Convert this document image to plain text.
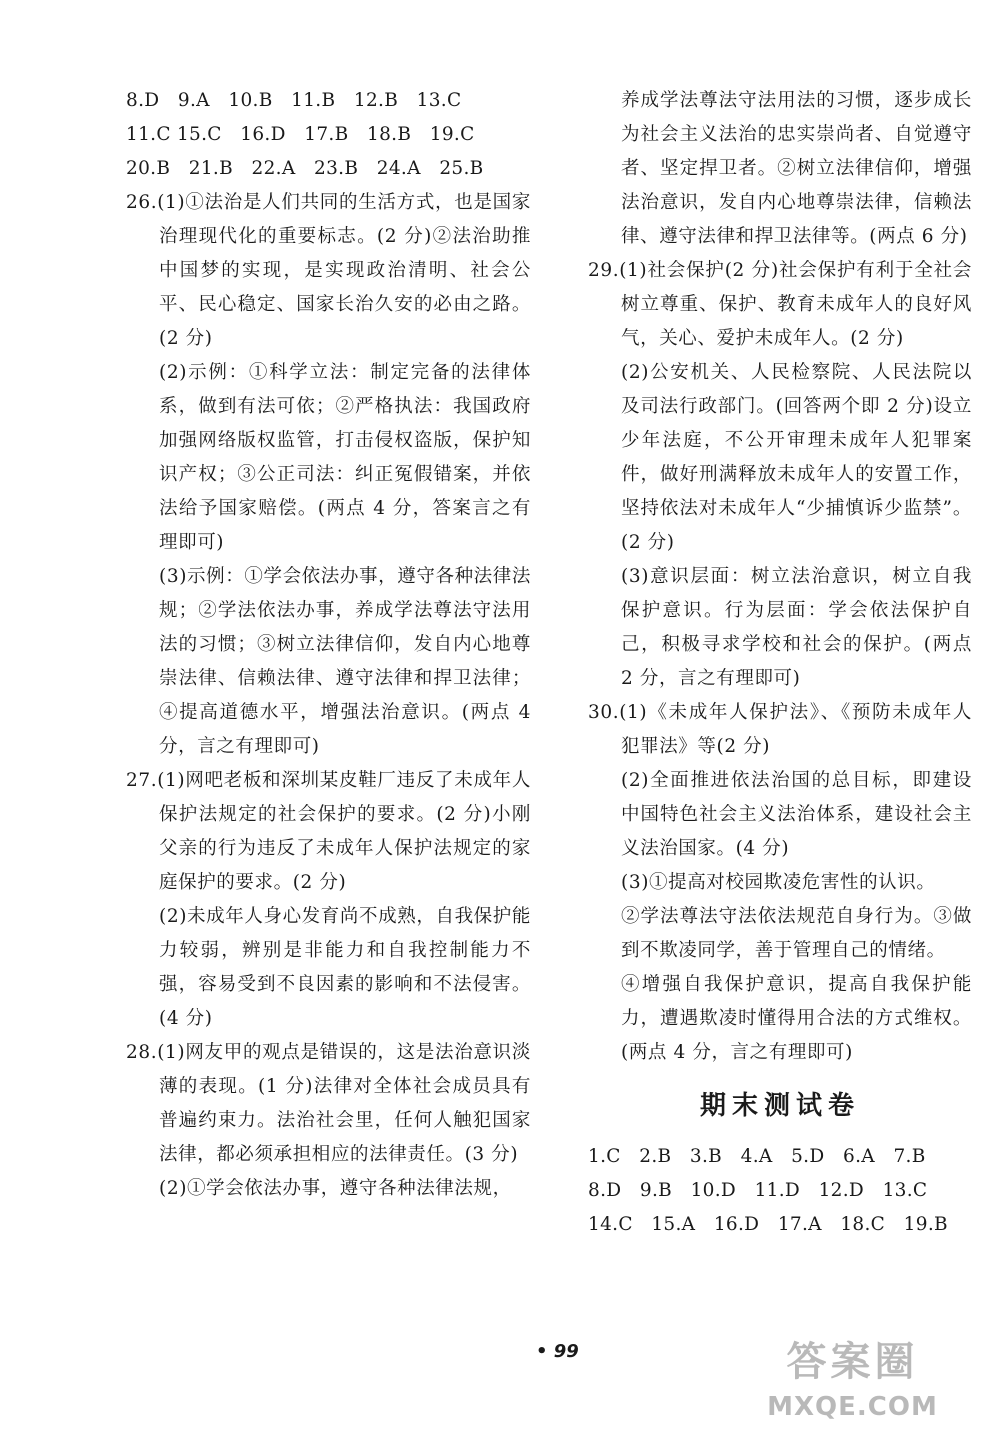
8.D   9.A   10.B   11.B   12.B   13.C

11.C 15.C   16.D   17.B   18.B   19.C

20.B   21.B   22.A   23.B   24.A   25.B

26.(1)①法治是人们共同的生活方式，也是国家治理现代化的重要标志。(2 分)②法治助推中国梦的实现，是实现政治清明、社会公平、民心稳定、国家长治久安的必由之路。(2 分)

(2)示例：①科学立法：制定完备的法律体系，做到有法可依；②严格执法：我国政府加强网络版权监管，打击侵权盗版，保护知识产权；③公正司法：纠正冤假错案，并依法给予国家赔偿。(两点 4 分，答案言之有理即可)

(3)示例：①学会依法办事，遵守各种法律法规；②学法依法办事，养成学法尊法守法用法的习惯；③树立法律信仰，发自内心地尊崇法律、信赖法律、遵守法律和捍卫法律；④提高道德水平，增强法治意识。(两点 4 分，言之有理即可)

27.(1)网吧老板和深圳某皮鞋厂违反了未成年人保护法规定的社会保护的要求。(2 分)小刚父亲的行为违反了未成年人保护法规定的家庭保护的要求。(2 分)

(2)未成年人身心发育尚不成熟，自我保护能力较弱，辨别是非能力和自我控制能力不强，容易受到不良因素的影响和不法侵害。(4 分)

28.(1)网友甲的观点是错误的，这是法治意识淡薄的表现。(1 分)法律对全体社会成员具有普遍约束力。法治社会里，任何人触犯国家法律，都必须承担相应的法律责任。(3 分)

(2)①学会依法办事，遵守各种法律法规，

养成学法尊法守法用法的习惯，逐步成长为社会主义法治的忠实崇尚者、自觉遵守者、坚定捍卫者。②树立法律信仰，增强法治意识，发自内心地尊崇法律，信赖法律、遵守法律和捍卫法律等。(两点 6 分)

29.(1)社会保护(2 分)社会保护有利于全社会树立尊重、保护、教育未成年人的良好风气，关心、爱护未成年人。(2 分)

(2)公安机关、人民检察院、人民法院以及司法行政部门。(回答两个即 2 分)设立少年法庭，不公开审理未成年人犯罪案件，做好刑满释放未成年人的安置工作，坚持依法对未成年人“少捕慎诉少监禁”。(2 分)

(3)意识层面：树立法治意识，树立自我保护意识。行为层面：学会依法保护自己，积极寻求学校和社会的保护。(两点 2 分，言之有理即可)

30.(1)《未成年人保护法》、《预防未成年人犯罪法》等(2 分)

(2)全面推进依法治国的总目标，即建设中国特色社会主义法治体系，建设社会主义法治国家。(4 分)

(3)①提高对校园欺凌危害性的认识。

②学法尊法守法依法规范自身行为。③做到不欺凌同学，善于管理自己的情绪。

④增强自我保护意识，提高自我保护能力，遭遇欺凌时懂得用合法的方式维权。(两点 4 分，言之有理即可)

期末测试卷

1.C   2.B   3.B   4.A   5.D   6.A   7.B

8.D   9.B   10.D   11.D   12.D   13.C

14.C   15.A   16.D   17.A   18.C   19.B

• 99	答案圈
MXQE.COM
